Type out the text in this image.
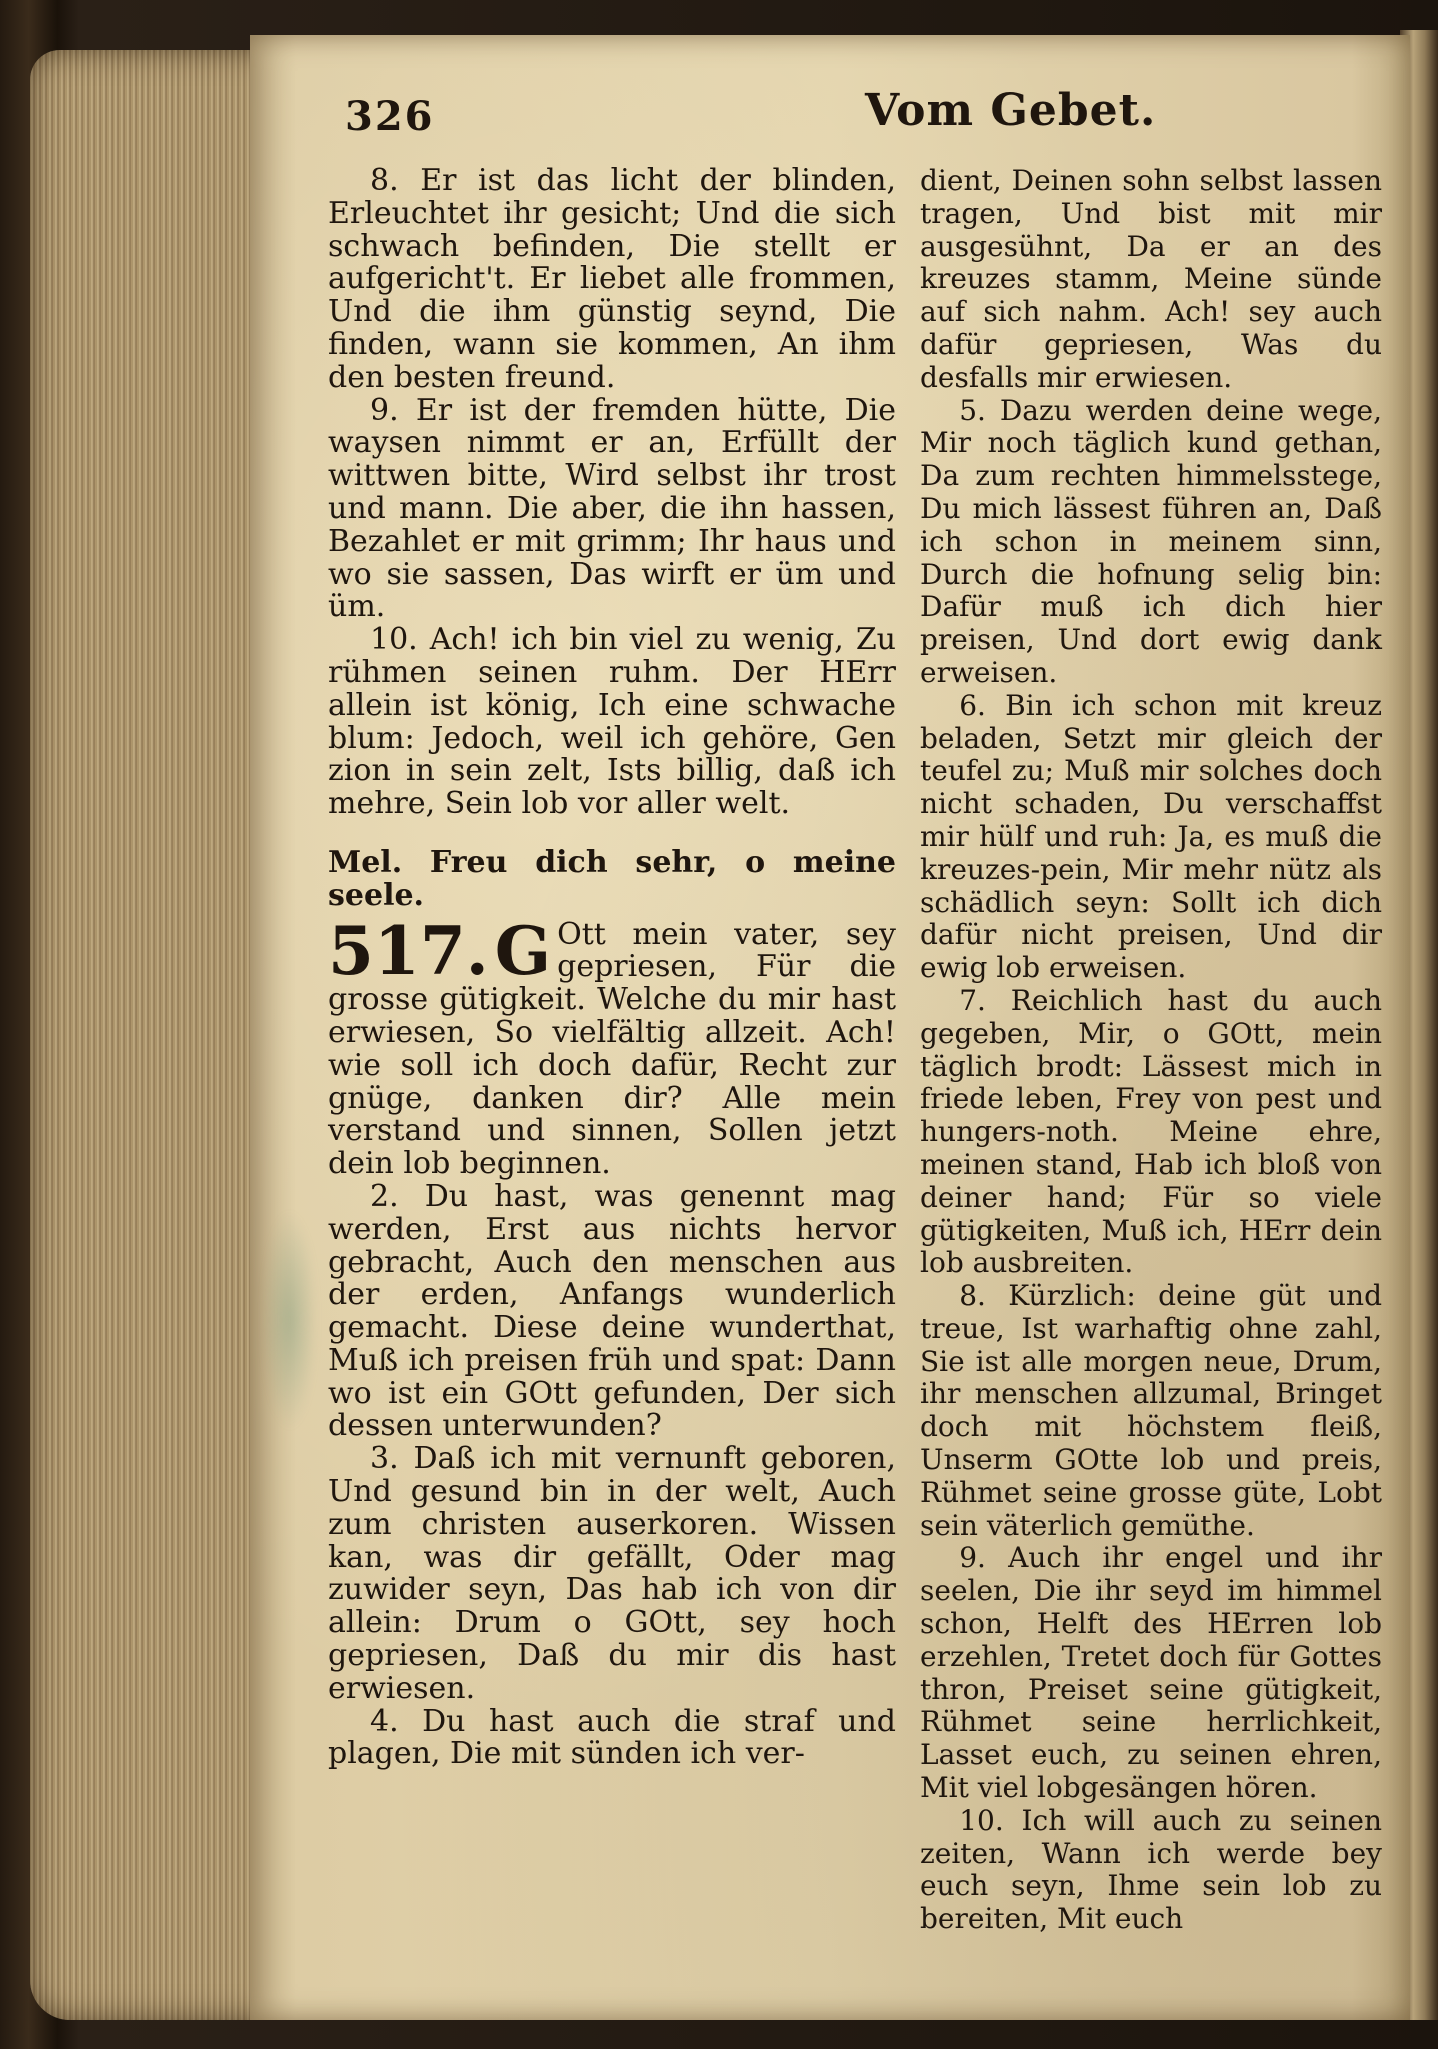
326	Vom Gebet.

8. Er ist das licht der blinden, Erleuchtet ihr gesicht; Und die sich schwach befinden, Die stellt er aufgericht't. Er liebet alle frommen, Und die ihm günstig seynd, Die finden, wann sie kommen, An ihm den besten freund.

9. Er ist der fremden hütte, Die waysen nimmt er an, Erfüllt der wittwen bitte, Wird selbst ihr trost und mann. Die aber, die ihn hassen, Bezahlet er mit grimm; Ihr haus und wo sie sassen, Das wirft er üm und üm.

10. Ach! ich bin viel zu wenig, Zu rühmen seinen ruhm. Der HErr allein ist könig, Ich eine schwache blum: Jedoch, weil ich gehöre, Gen zion in sein zelt, Ists billig, daß ich mehre, Sein lob vor aller welt.

Mel. Freu dich sehr, o meine seele.

517. G Ott mein vater, sey gepriesen, Für die grosse gütigkeit. Welche du mir hast erwiesen, So vielfältig allzeit. Ach! wie soll ich doch dafür, Recht zur gnüge, danken dir? Alle mein verstand und sinnen, Sollen jetzt dein lob beginnen.

2. Du hast, was genennt mag werden, Erst aus nichts hervor gebracht, Auch den menschen aus der erden, Anfangs wunderlich gemacht. Diese deine wunderthat, Muß ich preisen früh und spat: Dann wo ist ein GOtt gefunden, Der sich dessen unterwunden?

3. Daß ich mit vernunft geboren, Und gesund bin in der welt, Auch zum christen auserkoren. Wissen kan, was dir gefällt, Oder mag zuwider seyn, Das hab ich von dir allein: Drum o GOtt, sey hoch gepriesen, Daß du mir dis hast erwiesen.

4. Du hast auch die straf und plagen, Die mit sünden ich ver-

dient, Deinen sohn selbst lassen tragen, Und bist mit mir ausgesühnt, Da er an des kreuzes stamm, Meine sünde auf sich nahm. Ach! sey auch dafür gepriesen, Was du desfalls mir erwiesen.

5. Dazu werden deine wege, Mir noch täglich kund gethan, Da zum rechten himmelsstege, Du mich lässest führen an, Daß ich schon in meinem sinn, Durch die hofnung selig bin: Dafür muß ich dich hier preisen, Und dort ewig dank erweisen.

6. Bin ich schon mit kreuz beladen, Setzt mir gleich der teufel zu; Muß mir solches doch nicht schaden, Du verschaffst mir hülf und ruh: Ja, es muß die kreuzes-pein, Mir mehr nütz als schädlich seyn: Sollt ich dich dafür nicht preisen, Und dir ewig lob erweisen.

7. Reichlich hast du auch gegeben, Mir, o GOtt, mein täglich brodt: Lässest mich in friede leben, Frey von pest und hungers-noth. Meine ehre, meinen stand, Hab ich bloß von deiner hand; Für so viele gütigkeiten, Muß ich, HErr dein lob ausbreiten.

8. Kürzlich: deine güt und treue, Ist warhaftig ohne zahl, Sie ist alle morgen neue, Drum, ihr menschen allzumal, Bringet doch mit höchstem fleiß, Unserm GOtte lob und preis, Rühmet seine grosse güte, Lobt sein väterlich gemüthe.

9. Auch ihr engel und ihr seelen, Die ihr seyd im himmel schon, Helft des HErren lob erzehlen, Tretet doch für Gottes thron, Preiset seine gütigkeit, Rühmet seine herrlichkeit, Lasset euch, zu seinen ehren, Mit viel lobgesängen hören.

10. Ich will auch zu seinen zeiten, Wann ich werde bey euch seyn, Ihme sein lob zu bereiten, Mit euch
